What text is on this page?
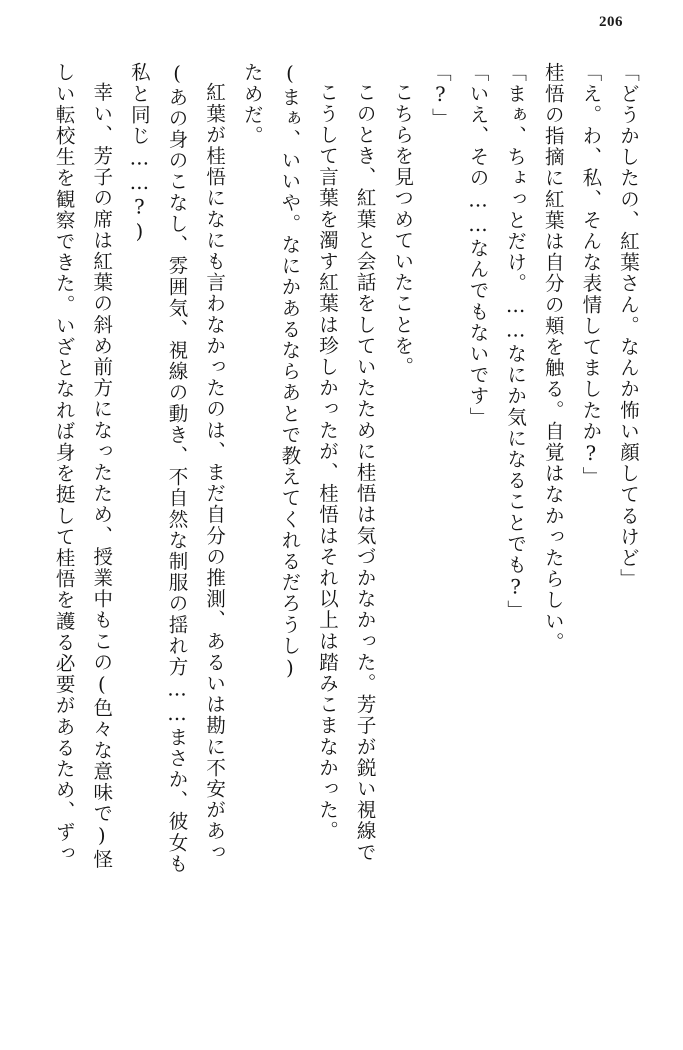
206

「どうかしたの、紅葉さん。なんか怖い顔してるけど」

「え。わ、私、そんな表情してましたか?」

桂悟の指摘に紅葉は自分の頬を触る。自覚はなかったらしい。

「まぁ、ちょっとだけ。……なにか気になることでも?」

「いえ、その……なんでもないです」

「?」

こちらを見つめていたことを。

このとき、紅葉と会話をしていたために桂悟は気づかなかった。芳子が鋭い視線で

こうして言葉を濁す紅葉は珍しかったが、桂悟はそれ以上は踏みこまなかった。

(まぁ、いいや。なにかあるならあとで教えてくれるだろうし)

ためだ。

紅葉が桂悟になにも言わなかったのは、まだ自分の推測、あるいは勘に不安があっ

(あの身のこなし、雰囲気、視線の動き、不自然な制服の揺れ方……まさか、彼女も

私と同じ……?)

幸い、芳子の席は紅葉の斜め前方になったため、授業中もこの(色々な意味で)怪

しい転校生を観察できた。いざとなれば身を挺して桂悟を護る必要があるため、ずっ
